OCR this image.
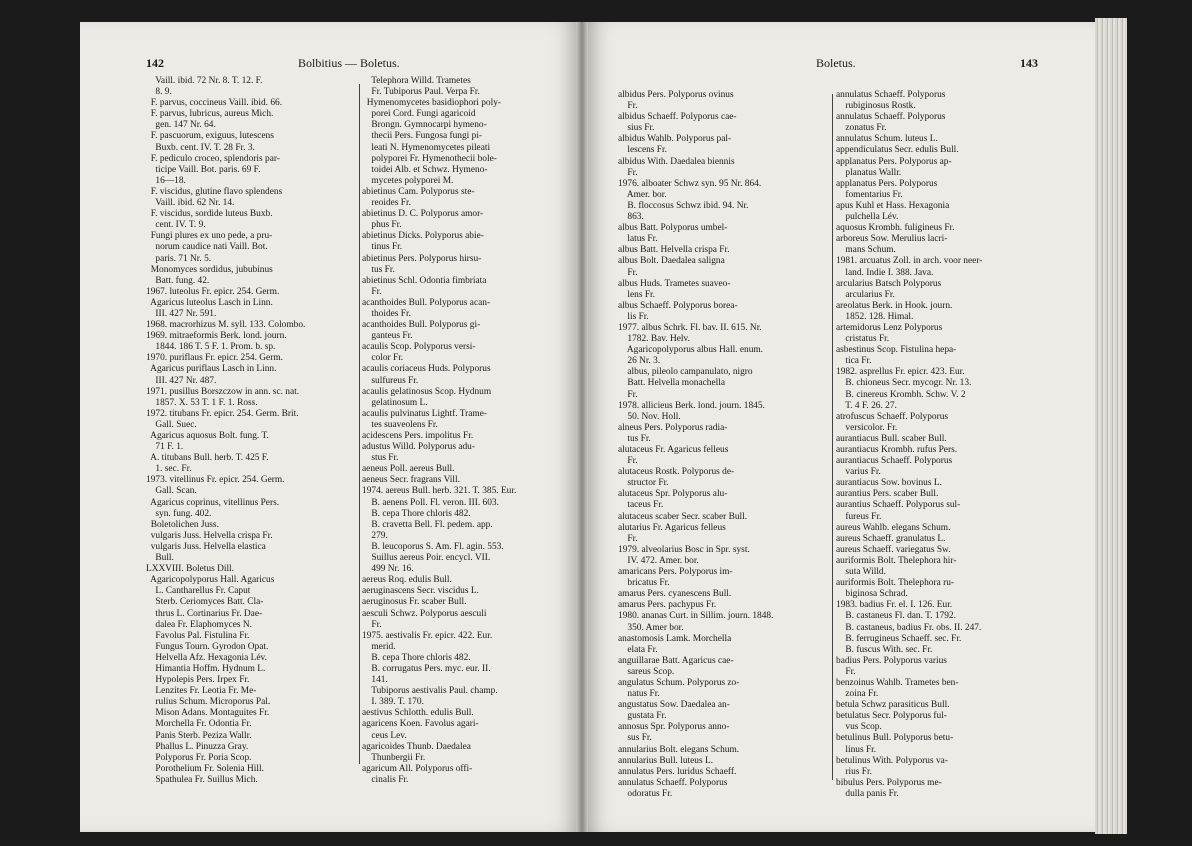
142	Bolbitius — Boletus.	Boletus.	143
Vaill. ibid. 72 Nr. 8. T. 12. F.
8. 9.
F. parvus, coccineus Vaill. ibid. 66.
F. parvus, lubricus, aureus Mich.
gen. 147 Nr. 64.
F. pascuorum, exiguus, lutescens
Buxb. cent. IV. T. 28 Fr. 3.
F. pediculo croceo, splendoris par-
ticipe Vaill. Bot. paris. 69 F.
16—18.
F. viscidus, glutine flavo splendens
Vaill. ibid. 62 Nr. 14.
F. viscidus, sordide luteus Buxb.
cent. IV. T. 9.
Fungi plures ex uno pede, a pru-
norum caudice nati Vaill. Bot.
paris. 71 Nr. 5.
Monomyces sordidus, jububinus
Batt. fung. 42.
1967. luteolus Fr. epicr. 254. Germ.
Agaricus luteolus Lasch in Linn.
III. 427 Nr. 591.
1968. macrorhizus M. syll. 133. Colombo.
1969. mitraeformis Berk. lond. journ.
1844. 186 T. 5 F. 1. Prom. b. sp.
1970. puriflaus Fr. epicr. 254. Germ.
Agaricus puriflaus Lasch in Linn.
III. 427 Nr. 487.
1971. pusillus Borszczow in ann. sc. nat.
1857. X. 53 T. 1 F. 1. Ross.
1972. titubans Fr. epicr. 254. Germ. Brit.
Gall. Suec.
Agaricus aquosus Bolt. fung. T.
71 F. 1.
A. titubans Bull. herb. T. 425 F.
1. sec. Fr.
1973. vitellinus Fr. epicr. 254. Germ.
Gall. Scan.
Agaricus coprinus, vitellinus Pers.
syn. fung. 402.
Boletolichen Juss.
vulgaris Juss. Helvella crispa Fr.
vulgaris Juss. Helvella elastica
Bull.
LXXVIII. Boletus Dill.
Agaricopolyporus Hall. Agaricus
L. Cantharellus Fr. Caput
Sterb. Ceriomyces Batt. Cla-
thrus L. Cortinarius Fr. Dae-
dalea Fr. Elaphomyces N.
Favolus Pal. Fistulina Fr.
Fungus Tourn. Gyrodon Opat.
Helvella Afz. Hexagonia Lév.
Himantia Hoffm. Hydnum L.
Hypolepis Pers. Irpex Fr.
Lenzites Fr. Leotia Fr. Me-
rulius Schum. Microporus Pal.
Mison Adans. Montaguites Fr.
Morchella Fr. Odontia Fr.
Panis Sterb. Peziza Wallr.
Phallus L. Pinuzza Gray.
Polyporus Fr. Poria Scop.
Porothelium Fr. Solenia Hill.
Spathulea Fr. Suillus Mich.
Telephora Willd. Trametes
Fr. Tubiporus Paul. Verpa Fr.
Hymenomycetes basidiophori poly-
porei Cord. Fungi agaricoid
Brongn. Gymnocarpi hymeno-
thecii Pers. Fungosa fungi pi-
leati N. Hymenomycetes pileati
polyporei Fr. Hymenothecii bole-
toidei Alb. et Schwz. Hymeno-
mycetes polyporei M.
abietinus Cam. Polyporus ste-
reoides Fr.
abietinus D. C. Polyporus amor-
phus Fr.
abietinus Dicks. Polyporus abie-
tinus Fr.
abietinus Pers. Polyporus hirsu-
tus Fr.
abietinus Schl. Odontia fimbriata
Fr.
acanthoides Bull. Polyporus acan-
thoides Fr.
acanthoides Bull. Polyporus gi-
ganteus Fr.
acaulis Scop. Polyporus versi-
color Fr.
acaulis coriaceus Huds. Polyporus
sulfureus Fr.
acaulis gelatinosus Scop. Hydnum
gelatinosum L.
acaulis pulvinatus Lightf. Trame-
tes suaveolens Fr.
acidescens Pers. impolitus Fr.
adustus Willd. Polyporus adu-
stus Fr.
aeneus Poll. aereus Bull.
aeneus Secr. fragrans Vill.
1974. aereus Bull. herb. 321. T. 385. Eur.
B. aenens Poll. Fl. veron. III. 603.
B. cepa Thore chloris 482.
B. cravetta Bell. Fl. pedem. app.
279.
B. leucoporus S. Am. Fl. agin. 553.
Suillus aereus Poir. encycl. VII.
499 Nr. 16.
aereus Roq. edulis Bull.
aeruginascens Secr. viscidus L.
aeruginosus Fr. scaber Bull.
aesculi Schwz. Polyporus aesculi
Fr.
1975. aestivalis Fr. epicr. 422. Eur.
merid.
B. cepa Thore chloris 482.
B. corrugatus Pers. myc. eur. II.
141.
Tubiporus aestivalis Paul. champ.
I. 389. T. 170.
aestivus Schlotth. edulis Bull.
agaricens Koen. Favolus agari-
ceus Lev.
agaricoides Thunb. Daedalea
Thunbergii Fr.
agaricum All. Polyporus offi-
cinalis Fr.
albidus Pers. Polyporus ovinus
Fr.
albidus Schaeff. Polyporus cae-
sius Fr.
albidus Wahlb. Polyporus pal-
lescens Fr.
albidus With. Daedalea biennis
Fr.
1976. alboater Schwz syn. 95 Nr. 864.
Amer. bor.
B. floccosus Schwz ibid. 94. Nr.
863.
albus Batt. Polyporus umbel-
latus Fr.
albus Batt. Helvella crispa Fr.
albus Bolt. Daedalea saligna
Fr.
albus Huds. Trametes suaveo-
lens Fr.
albus Schaeff. Polyporus borea-
lis Fr.
1977. albus Schrk. Fl. bav. II. 615. Nr.
1782. Bav. Helv.
Agaricopolyporus albus Hall. enum.
26 Nr. 3.
albus, pileolo campanulato, nigro
Batt. Helvella monachella
Fr.
1978. allicieus Berk. lond. journ. 1845.
50. Nov. Holl.
alneus Pers. Polyporus radia-
tus Fr.
alutaceus Fr. Agaricus felleus
Fr.
alutaceus Rostk. Polyporus de-
structor Fr.
alutaceus Spr. Polyporus alu-
taceus Fr.
alutaceus scaber Secr. scaber Bull.
alutarius Fr. Agaricus felleus
Fr.
1979. alveolarius Bosc in Spr. syst.
IV. 472. Amer. bor.
amaricans Pers. Polyporus im-
bricatus Fr.
amarus Pers. cyanescens Bull.
amarus Pers. pachypus Fr.
1980. ananas Curt. in Sillim. journ. 1848.
350. Amer bor.
anastomosis Lamk. Morchella
elata Fr.
anguillarae Batt. Agaricus cae-
sareus Scop.
angulatus Schum. Polyporus zo-
natus Fr.
angustatus Sow. Daedalea an-
gustata Fr.
annosus Spr. Polyporus anno-
sus Fr.
annularius Bolt. elegans Schum.
annularius Bull. luteus L.
annulatus Pers. luridus Schaeff.
annulatus Schaeff. Polyporus
odoratus Fr.
annulatus Schaeff. Polyporus
rubiginosus Rostk.
annulatus Schaeff. Polyporus
zonatus Fr.
annulatus Schum. luteus L.
appendiculatus Secr. edulis Bull.
applanatus Pers. Polyporus ap-
planatus Wallr.
applanatus Pers. Polyporus
fomentarius Fr.
apus Kuhl et Hass. Hexagonia
pulchella Lév.
aquosus Krombh. fuligineus Fr.
arboreus Sow. Merulius lacri-
mans Schum.
1981. arcuatus Zoll. in arch. voor neer-
land. Indie I. 388. Java.
arcularius Batsch Polyporus
arcularius Fr.
areolatus Berk. in Hook. journ.
1852. 128. Himal.
artemidorus Lenz Polyporus
cristatus Fr.
asbestinus Scop. Fistulina hepa-
tica Fr.
1982. asprellus Fr. epicr. 423. Eur.
B. chioneus Secr. mycogr. Nr. 13.
B. cinereus Krombh. Schw. V. 2
T. 4 F. 26. 27.
atrofuscus Schaeff. Polyporus
versicolor. Fr.
aurantiacus Bull. scaber Bull.
aurantiacus Krombh. rufus Pers.
aurantiacus Schaeff. Polyporus
varius Fr.
aurantiacus Sow. bovinus L.
aurantius Pers. scaber Bull.
aurantius Schaeff. Polyporus sul-
fureus Fr.
aureus Wahlb. elegans Schum.
aureus Schaeff. granulatus L.
aureus Schaeff. variegatus Sw.
auriformis Bolt. Thelephora hir-
suta Willd.
auriformis Bolt. Thelephora ru-
biginosa Schrad.
1983. badius Fr. el. I. 126. Eur.
B. castaneus Fl. dan. T. 1792.
B. castaneus, badius Fr. obs. II. 247.
B. ferrugineus Schaeff. sec. Fr.
B. fuscus With. sec. Fr.
badius Pers. Polyporus varius
Fr.
benzoinus Wahlb. Trametes ben-
zoina Fr.
betula Schwz parasiticus Bull.
betulatus Secr. Polyporus ful-
vus Scop.
betulinus Bull. Polyporus betu-
linus Fr.
betulinus With. Polyporus va-
rius Fr.
bibulus Pers. Polyporus me-
dulla panis Fr.
